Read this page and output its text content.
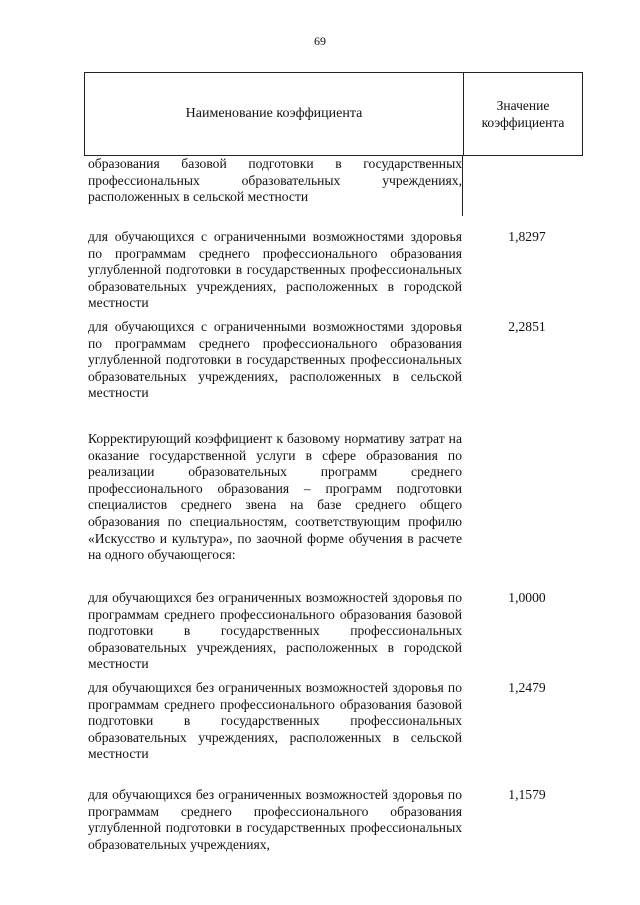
69
Наименование коэффициента
Значение коэффициента

образования базовой подготовки в государственных профессиональных образовательных учреждениях, расположенных в сельской местности

для обучающихся с ограниченными возможностями здоровья по программам среднего профессионального образования углубленной подготовки в государственных профессиональных образовательных учреждениях, расположенных в городской местности

1,8297

для обучающихся с ограниченными возможностями здоровья по программам среднего профессионального образования углубленной подготовки в государственных профессиональных образовательных учреждениях, расположенных в сельской местности

2,2851

Корректирующий коэффициент к базовому нормативу затрат на оказание государственной услуги в сфере образования по реализации образовательных программ среднего профессионального образования – программ подготовки специалистов среднего звена на базе среднего общего образования по специальностям, соответствующим профилю «Искусство и культура», по заочной форме обучения в расчете на одного обучающегося:

для обучающихся без ограниченных возможностей здоровья по программам среднего профессионального образования базовой подготовки в государственных профессиональных образовательных учреждениях, расположенных в городской местности

1,0000

для обучающихся без ограниченных возможностей здоровья по программам среднего профессионального образования базовой подготовки в государственных профессиональных образовательных учреждениях, расположенных в сельской местности

1,2479

для обучающихся без ограниченных возможностей здоровья по программам среднего профессионального образования углубленной подготовки в государственных профессиональных образовательных учреждениях,

1,1579
